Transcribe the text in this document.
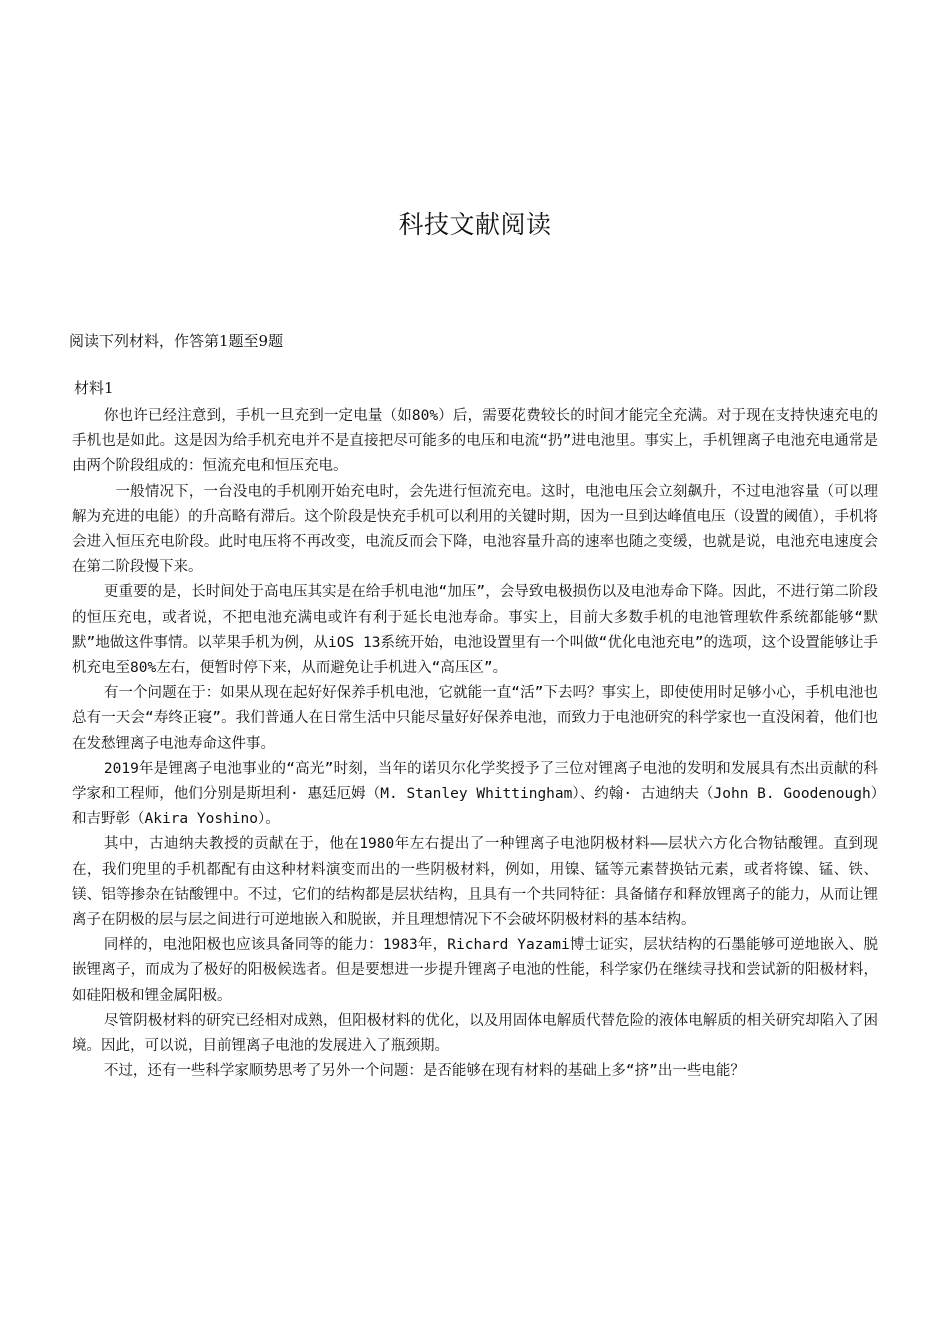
科技文献阅读
阅读下列材料，作答第1题至9题
材料1

你也许已经注意到，手机一旦充到一定电量（如80%）后，需要花费较长的时间才能完全充满。对于现在支持快速充电的手机也是如此。这是因为给手机充电并不是直接把尽可能多的电压和电流“扔”进电池里。事实上，手机锂离子电池充电通常是由两个阶段组成的：恒流充电和恒压充电。

一般情况下，一台没电的手机刚开始充电时，会先进行恒流充电。这时，电池电压会立刻飙升，不过电池容量（可以理解为充进的电能）的升高略有滞后。这个阶段是快充手机可以利用的关键时期，因为一旦到达峰值电压（设置的阈值），手机将会进入恒压充电阶段。此时电压将不再改变，电流反而会下降，电池容量升高的速率也随之变缓，也就是说，电池充电速度会在第二阶段慢下来。

更重要的是，长时间处于高电压其实是在给手机电池“加压”，会导致电极损伤以及电池寿命下降。因此，不进行第二阶段的恒压充电，或者说，不把电池充满电或许有利于延长电池寿命。事实上，目前大多数手机的电池管理软件系统都能够“默默”地做这件事情。以苹果手机为例，从iOS 13系统开始，电池设置里有一个叫做“优化电池充电”的选项，这个设置能够让手机充电至80%左右，便暂时停下来，从而避免让手机进入“高压区”。

有一个问题在于：如果从现在起好好保养手机电池，它就能一直“活”下去吗？事实上，即使使用时足够小心，手机电池也总有一天会“寿终正寝”。我们普通人在日常生活中只能尽量好好保养电池，而致力于电池研究的科学家也一直没闲着，他们也在发愁锂离子电池寿命这件事。

2019年是锂离子电池事业的“高光”时刻，当年的诺贝尔化学奖授予了三位对锂离子电池的发明和发展具有杰出贡献的科学家和工程师，他们分别是斯坦利· 惠廷厄姆（M. Stanley Whittingham）、约翰· 古迪纳夫（John B. Goodenough）和吉野彰（Akira Yoshino）。

其中，古迪纳夫教授的贡献在于，他在1980年左右提出了一种锂离子电池阴极材料——层状六方化合物钴酸锂。直到现在，我们兜里的手机都配有由这种材料演变而出的一些阴极材料，例如，用镍、锰等元素替换钴元素，或者将镍、锰、铁、镁、铝等掺杂在钴酸锂中。不过，它们的结构都是层状结构，且具有一个共同特征：具备储存和释放锂离子的能力，从而让锂离子在阴极的层与层之间进行可逆地嵌入和脱嵌，并且理想情况下不会破坏阴极材料的基本结构。

同样的，电池阳极也应该具备同等的能力：1983年，Richard Yazami博士证实，层状结构的石墨能够可逆地嵌入、脱嵌锂离子，而成为了极好的阳极候选者。但是要想进一步提升锂离子电池的性能，科学家仍在继续寻找和尝试新的阳极材料，如硅阳极和锂金属阳极。

尽管阴极材料的研究已经相对成熟，但阳极材料的优化，以及用固体电解质代替危险的液体电解质的相关研究却陷入了困境。因此，可以说，目前锂离子电池的发展进入了瓶颈期。

不过，还有一些科学家顺势思考了另外一个问题：是否能够在现有材料的基础上多“挤”出一些电能？
